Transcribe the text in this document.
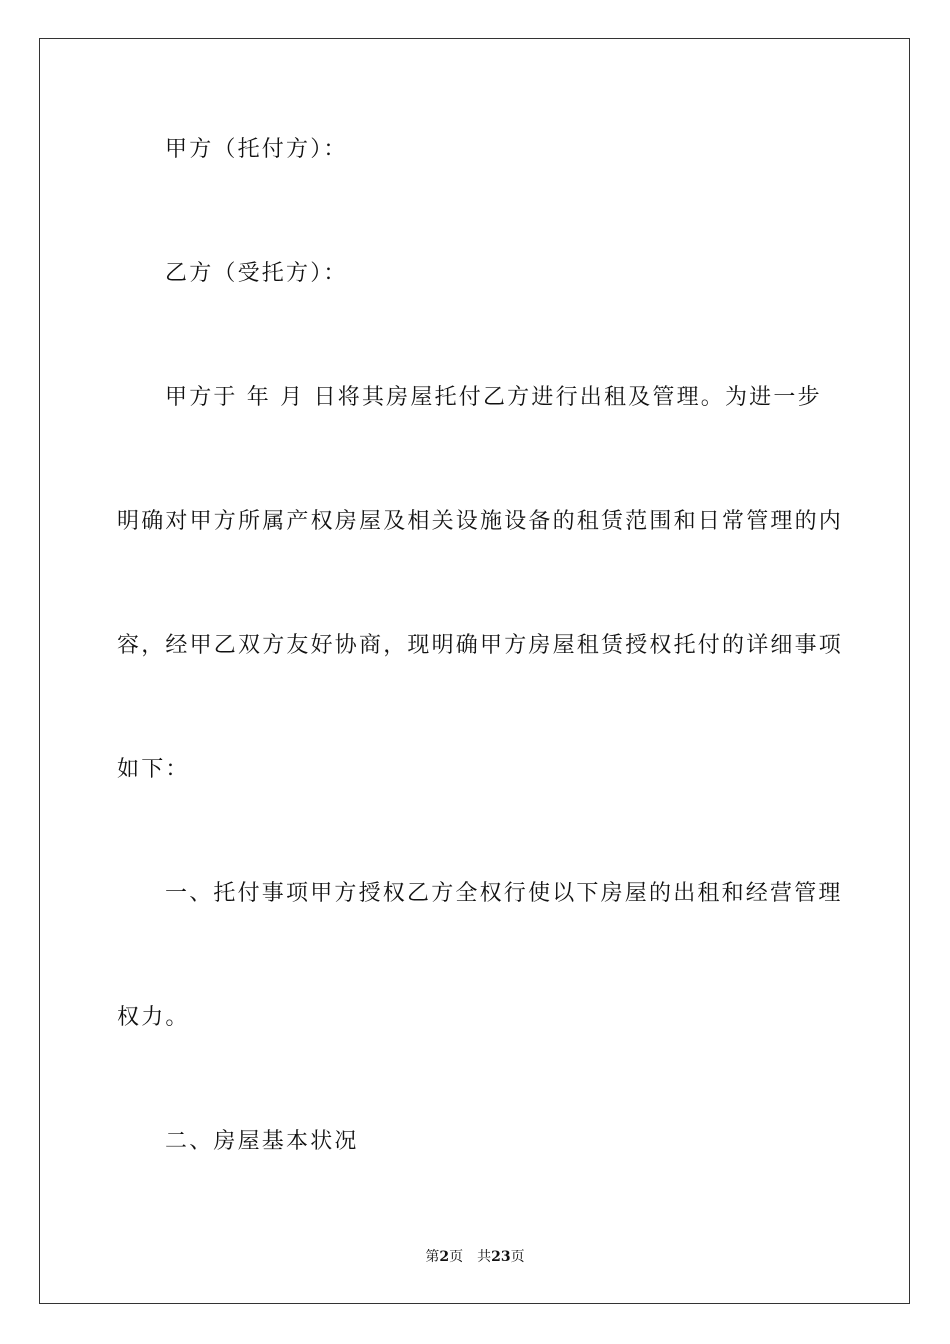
甲方（托付方）：
乙方（受托方）：
甲方于 年 月 日将其房屋托付乙方进行出租及管理。为进一步
明确对甲方所属产权房屋及相关设施设备的租赁范围和日常管理的内
容，经甲乙双方友好协商，现明确甲方房屋租赁授权托付的详细事项
如下：
一、托付事项甲方授权乙方全权行使以下房屋的出租和经营管理
权力。
二、房屋基本状况
第2页 共23页
